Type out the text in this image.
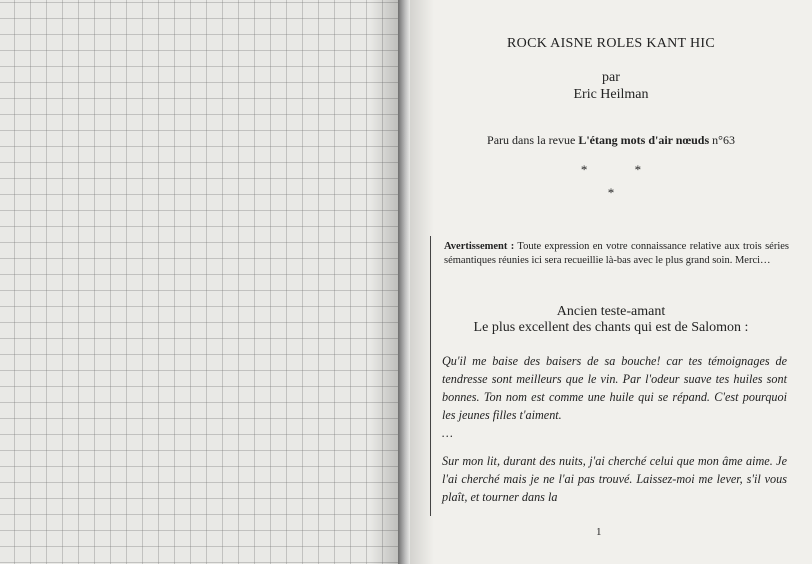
ROCK AISNE ROLES KANT HIC
par
Eric Heilman
Paru dans la revue L'étang mots d'air nœuds n°63
* *
*
Avertissement : Toute expression en votre connaissance relative aux trois séries sémantiques réunies ici sera recueillie là-bas avec le plus grand soin. Merci…
Ancien teste-amant
Le plus excellent des chants qui est de Salomon :
Qu'il me baise des baisers de sa bouche! car tes témoignages de tendresse sont meilleurs que le vin. Par l'odeur suave tes huiles sont bonnes. Ton nom est comme une huile qui se répand. C'est pourquoi les jeunes filles t'aiment.
…
Sur mon lit, durant des nuits, j'ai cherché celui que mon âme aime. Je l'ai cherché mais je ne l'ai pas trouvé. Laissez-moi me lever, s'il vous plaît, et tourner dans la
1
